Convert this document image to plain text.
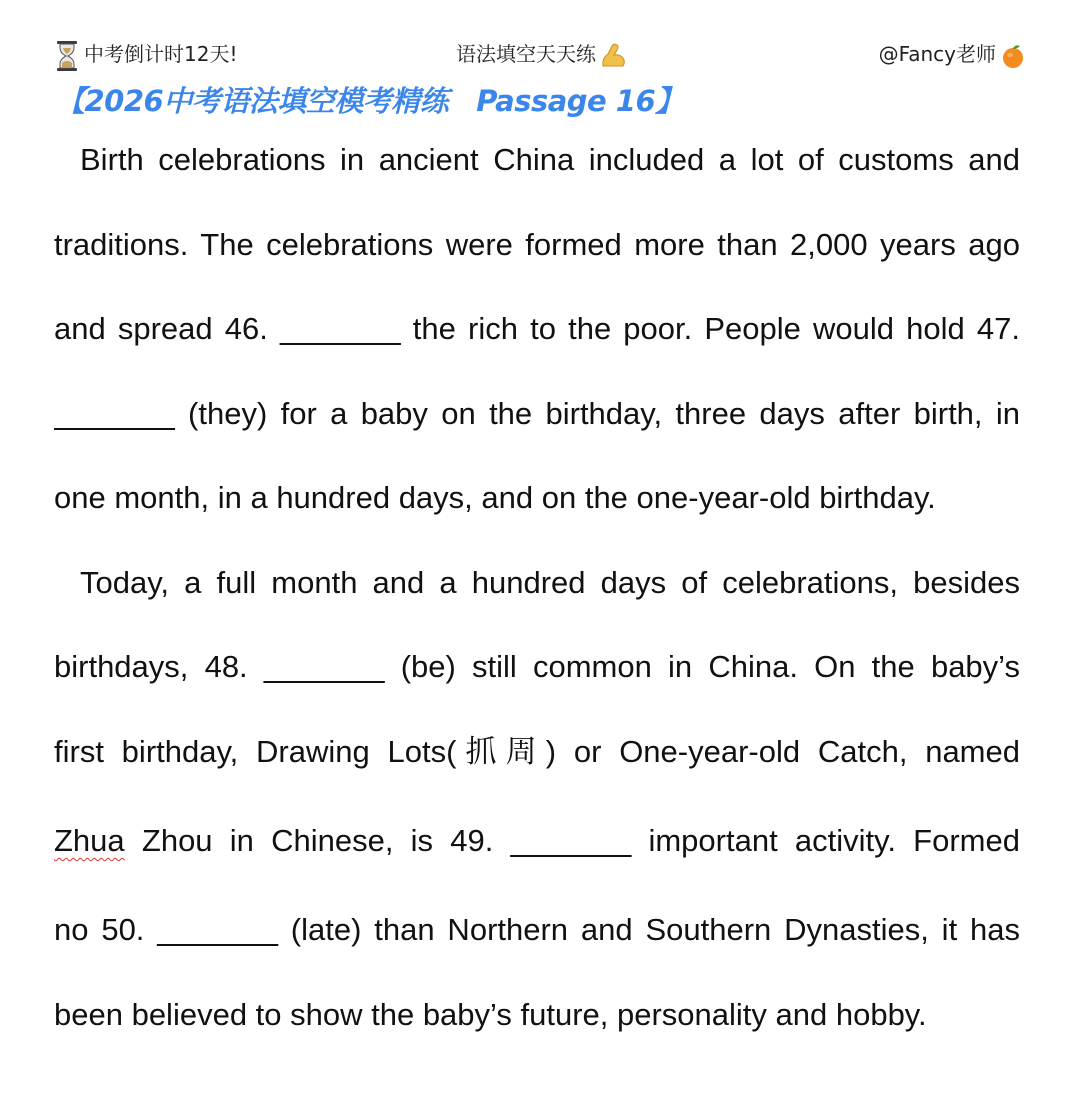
中考倒计时12天!	语法填空天天练	@Fancy老师
【2026中考语法填空模考精练 Passage 16】
Birth celebrations in ancient China included a lot of customs and
traditions. The celebrations were formed more than 2,000 years ago
and spread 46. _______ the rich to the poor. People would hold 47.
_______ (they) for a baby on the birthday, three days after birth, in
one month, in a hundred days, and on the one-year-old birthday.
Today, a full month and a hundred days of celebrations, besides
birthdays, 48. _______ (be) still common in China. On the baby’s
first birthday, Drawing Lots(抓周) or One-year-old Catch, named
Zhua Zhou in Chinese, is 49. _______ important activity. Formed
no 50. _______ (late) than Northern and Southern Dynasties, it has
been believed to show the baby’s future, personality and hobby.
